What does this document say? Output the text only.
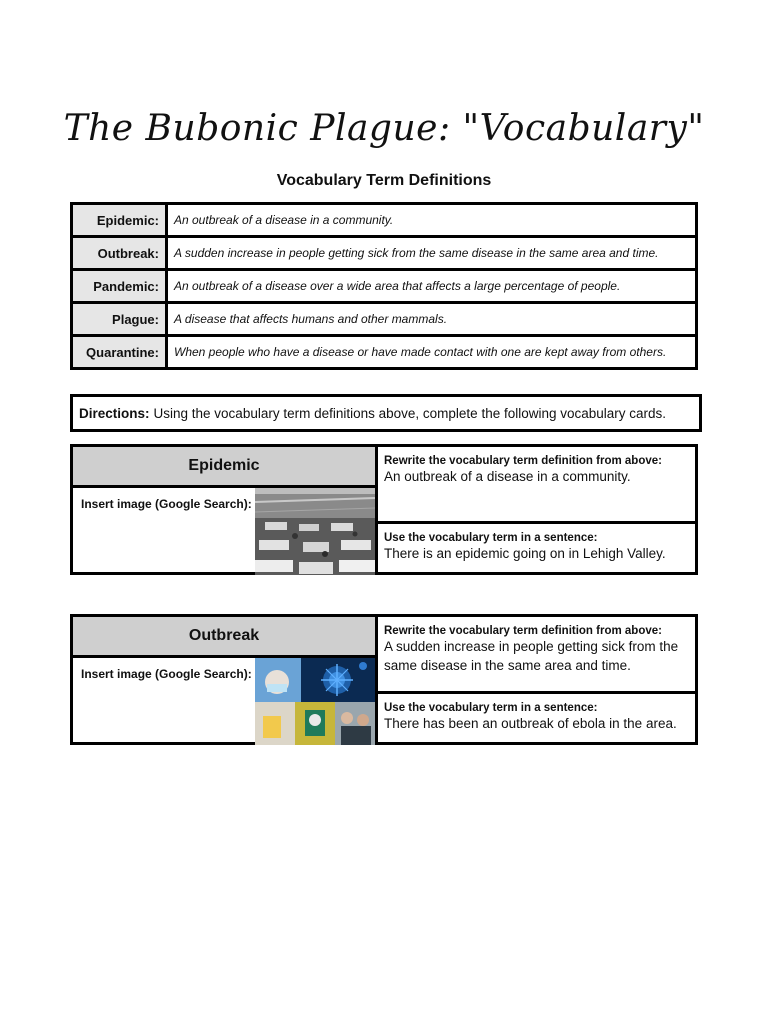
The Bubonic Plague: "Vocabulary"
Vocabulary Term Definitions
Epidemic:	An outbreak of a disease in a community.
Outbreak:	A sudden increase in people getting sick from the same disease in the same area and time.
Pandemic:	An outbreak of a disease over a wide area that affects a large percentage of people.
Plague:	A disease that affects humans and other mammals.
Quarantine:	When people who have a disease or have made contact with one are kept away from others.
Directions: Using the vocabulary term definitions above, complete the following vocabulary cards.
Epidemic
Insert image (Google Search):
Rewrite the vocabulary term definition from above:
An outbreak of a disease in a community.
Use the vocabulary term in a sentence:
There is an epidemic going on in Lehigh Valley.
Outbreak
Insert image (Google Search):
Rewrite the vocabulary term definition from above:
A sudden increase in people getting sick from the same disease in the same area and time.
Use the vocabulary term in a sentence:
There has been an outbreak of ebola in the area.
